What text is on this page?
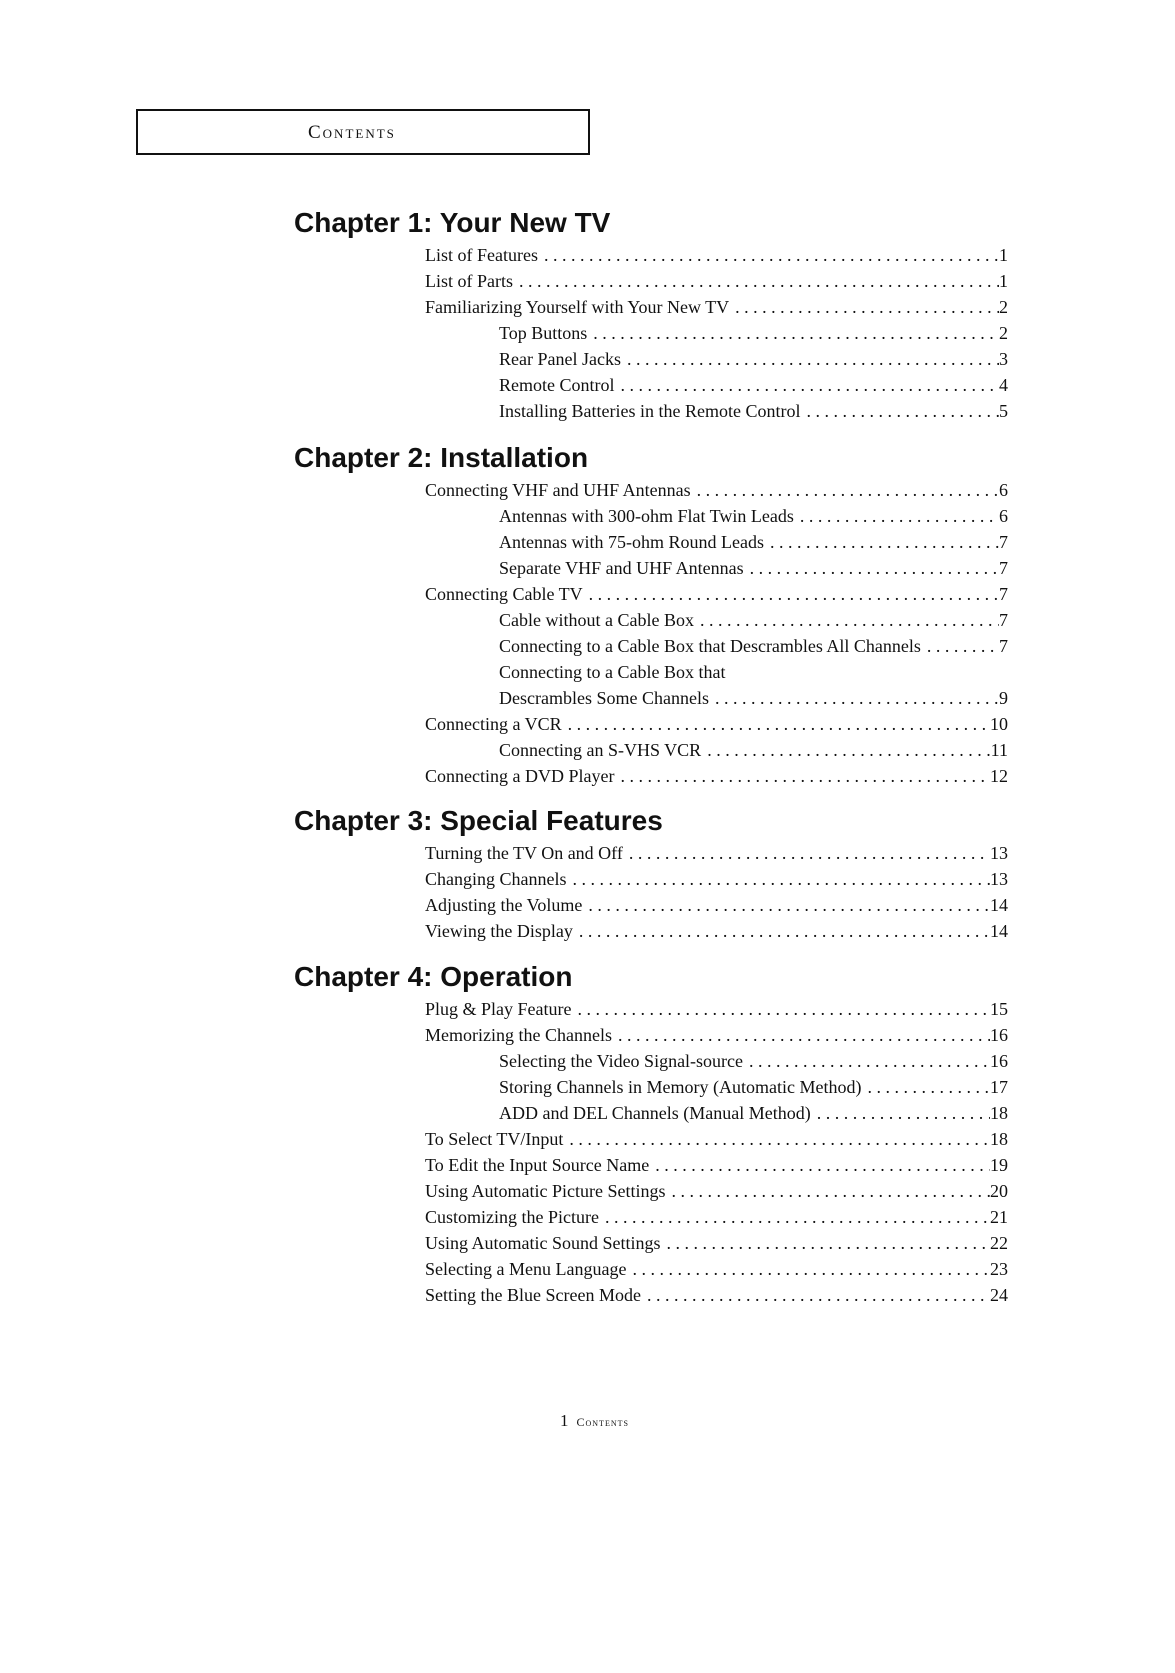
Contents
Chapter 1: Your New TV
List of Features . . .	1
List of Parts . . .	1
Familiarizing Yourself with Your New TV . . .	2
Top Buttons . . .	2
Rear Panel Jacks . . .	3
Remote Control . . .	4
Installing Batteries in the Remote Control . . .	5
Chapter 2: Installation
Connecting VHF and UHF Antennas . . .	6
Antennas with 300-ohm Flat Twin Leads . . .	6
Antennas with 75-ohm Round Leads . . .	7
Separate VHF and UHF Antennas . . .	7
Connecting Cable TV . . .	7
Cable without a Cable Box . . .	7
Connecting to a Cable Box that Descrambles All Channels . . .	7
Connecting to a Cable Box that
Descrambles Some Channels . . .	9
Connecting a VCR . . .	10
Connecting an S-VHS VCR . . .	11
Connecting a DVD Player . . .	12
Chapter 3: Special Features
Turning the TV On and Off . . .	13
Changing Channels . . .	13
Adjusting the Volume . . .	14
Viewing the Display . . .	14
Chapter 4: Operation
Plug & Play Feature . . .	15
Memorizing the Channels . . .	16
Selecting the Video Signal-source . . .	16
Storing Channels in Memory (Automatic Method) . . .	17
ADD and DEL Channels (Manual Method) . . .	18
To Select TV/Input . . .	18
To Edit the Input Source Name . . .	19
Using Automatic Picture Settings . . .	20
Customizing the Picture . . .	21
Using Automatic Sound Settings . . .	22
Selecting a Menu Language . . .	23
Setting the Blue Screen Mode . . .	24
1 Contents
